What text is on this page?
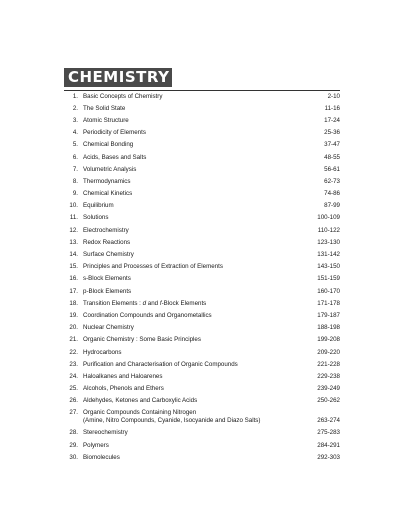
CHEMISTRY
1. Basic Concepts of Chemistry	2-10
2. The Solid State	11-16
3. Atomic Structure	17-24
4. Periodicity of Elements	25-36
5. Chemical Bonding	37-47
6. Acids, Bases and Salts	48-55
7. Volumetric Analysis	56-61
8. Thermodynamics	62-73
9. Chemical Kinetics	74-86
10. Equilibrium	87-99
11. Solutions	100-109
12. Electrochemistry	110-122
13. Redox Reactions	123-130
14. Surface Chemistry	131-142
15. Principles and Processes of Extraction of Elements	143-150
16. s-Block Elements	151-159
17. p-Block Elements	160-170
18. Transition Elements : d and f-Block Elements	171-178
19. Coordination Compounds and Organometallics	179-187
20. Nuclear Chemistry	188-198
21. Organic Chemistry : Some Basic Principles	199-208
22. Hydrocarbons	209-220
23. Purification and Characterisation of Organic Compounds	221-228
24. Haloalkanes and Haloarenes	229-238
25. Alcohols, Phenols and Ethers	239-249
26. Aldehydes, Ketones and Carboxylic Acids	250-262
27. Organic Compounds Containing Nitrogen
(Amine, Nitro Compounds, Cyanide, Isocyanide and Diazo Salts)	263-274
28. Stereochemistry	275-283
29. Polymers	284-291
30. Biomolecules	292-303
